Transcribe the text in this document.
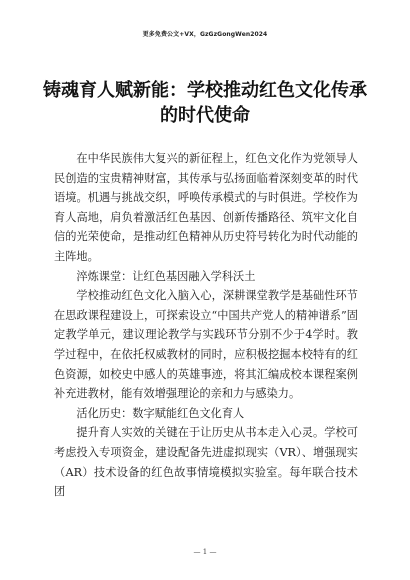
更多免费公文+VX，GzGzGongWen2024
铸魂育人赋新能：学校推动红色文化传承
的时代使命

在中华民族伟大复兴的新征程上，红色文化作为党领导人民创造的宝贵精神财富，其传承与弘扬面临着深刻变革的时代语境。机遇与挑战交织，呼唤传承模式的与时俱进。学校作为育人高地，肩负着激活红色基因、创新传播路径、筑牢文化自信的光荣使命，是推动红色精神从历史符号转化为时代动能的主阵地。

淬炼课堂：让红色基因融入学科沃土

学校推动红色文化入脑入心，深耕课堂教学是基础性环节在思政课程建设上，可探索设立“中国共产党人的精神谱系”固定教学单元，建议理论教学与实践环节分别不少于4学时。教学过程中，在依托权威教材的同时，应积极挖掘本校特有的红色资源，如校史中感人的英雄事迹，将其汇编成校本课程案例补充进教材，能有效增强理论的亲和力与感染力。

活化历史：数字赋能红色文化育人

提升育人实效的关键在于让历史从书本走入心灵。学校可考虑投入专项资金，建设配备先进虚拟现实（VR）、增强现实（AR）技术设备的红色故事情境模拟实验室。每年联合技术团

— 1 —
